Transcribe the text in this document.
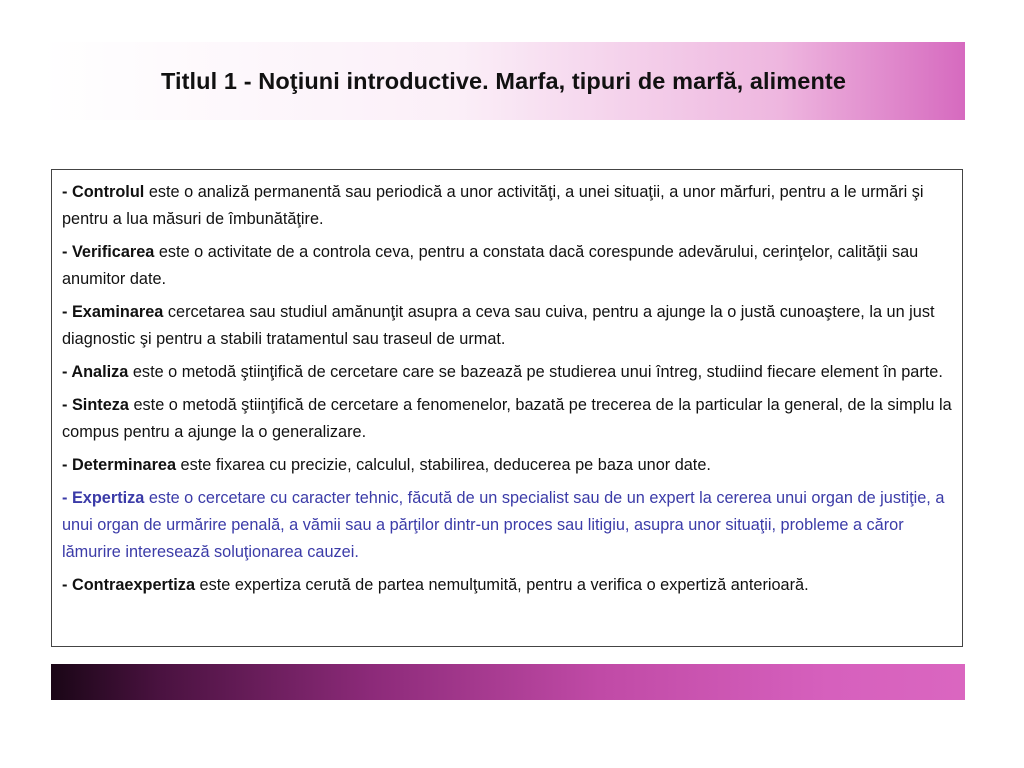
Titlul 1 - Noţiuni introductive. Marfa, tipuri de marfă, alimente

- Controlul este o analiză permanentă sau periodică a unor activităţi, a unei situaţii, a unor mărfuri, pentru a le urmări şi pentru a lua măsuri de îmbunătăţire.

- Verificarea este o activitate de a controla ceva, pentru a constata dacă corespunde adevărului, cerinţelor, calităţii sau anumitor date.

- Examinarea cercetarea sau studiul amănunţit asupra a ceva sau cuiva, pentru a ajunge la o justă cunoaştere, la un just diagnostic şi pentru a stabili tratamentul sau traseul de urmat.

- Analiza este o metodă ştiinţifică de cercetare care se bazează pe studierea unui întreg, studiind fiecare element în parte.

- Sinteza este o metodă ştiinţifică de cercetare a fenomenelor, bazată pe trecerea de la particular la general, de la simplu la compus pentru a ajunge la o generalizare.

- Determinarea este fixarea cu precizie, calculul, stabilirea, deducerea pe baza unor date.

- Expertiza este o cercetare cu caracter tehnic, făcută de un specialist sau de un expert la cererea unui organ de justiţie, a unui organ de urmărire penală, a vămii sau a părţilor dintr-un proces sau litigiu, asupra unor situaţii, probleme a căror lămurire interesează soluţionarea cauzei.

- Contraexpertiza este expertiza cerută de partea nemulţumită, pentru a verifica o expertiză anterioară.
